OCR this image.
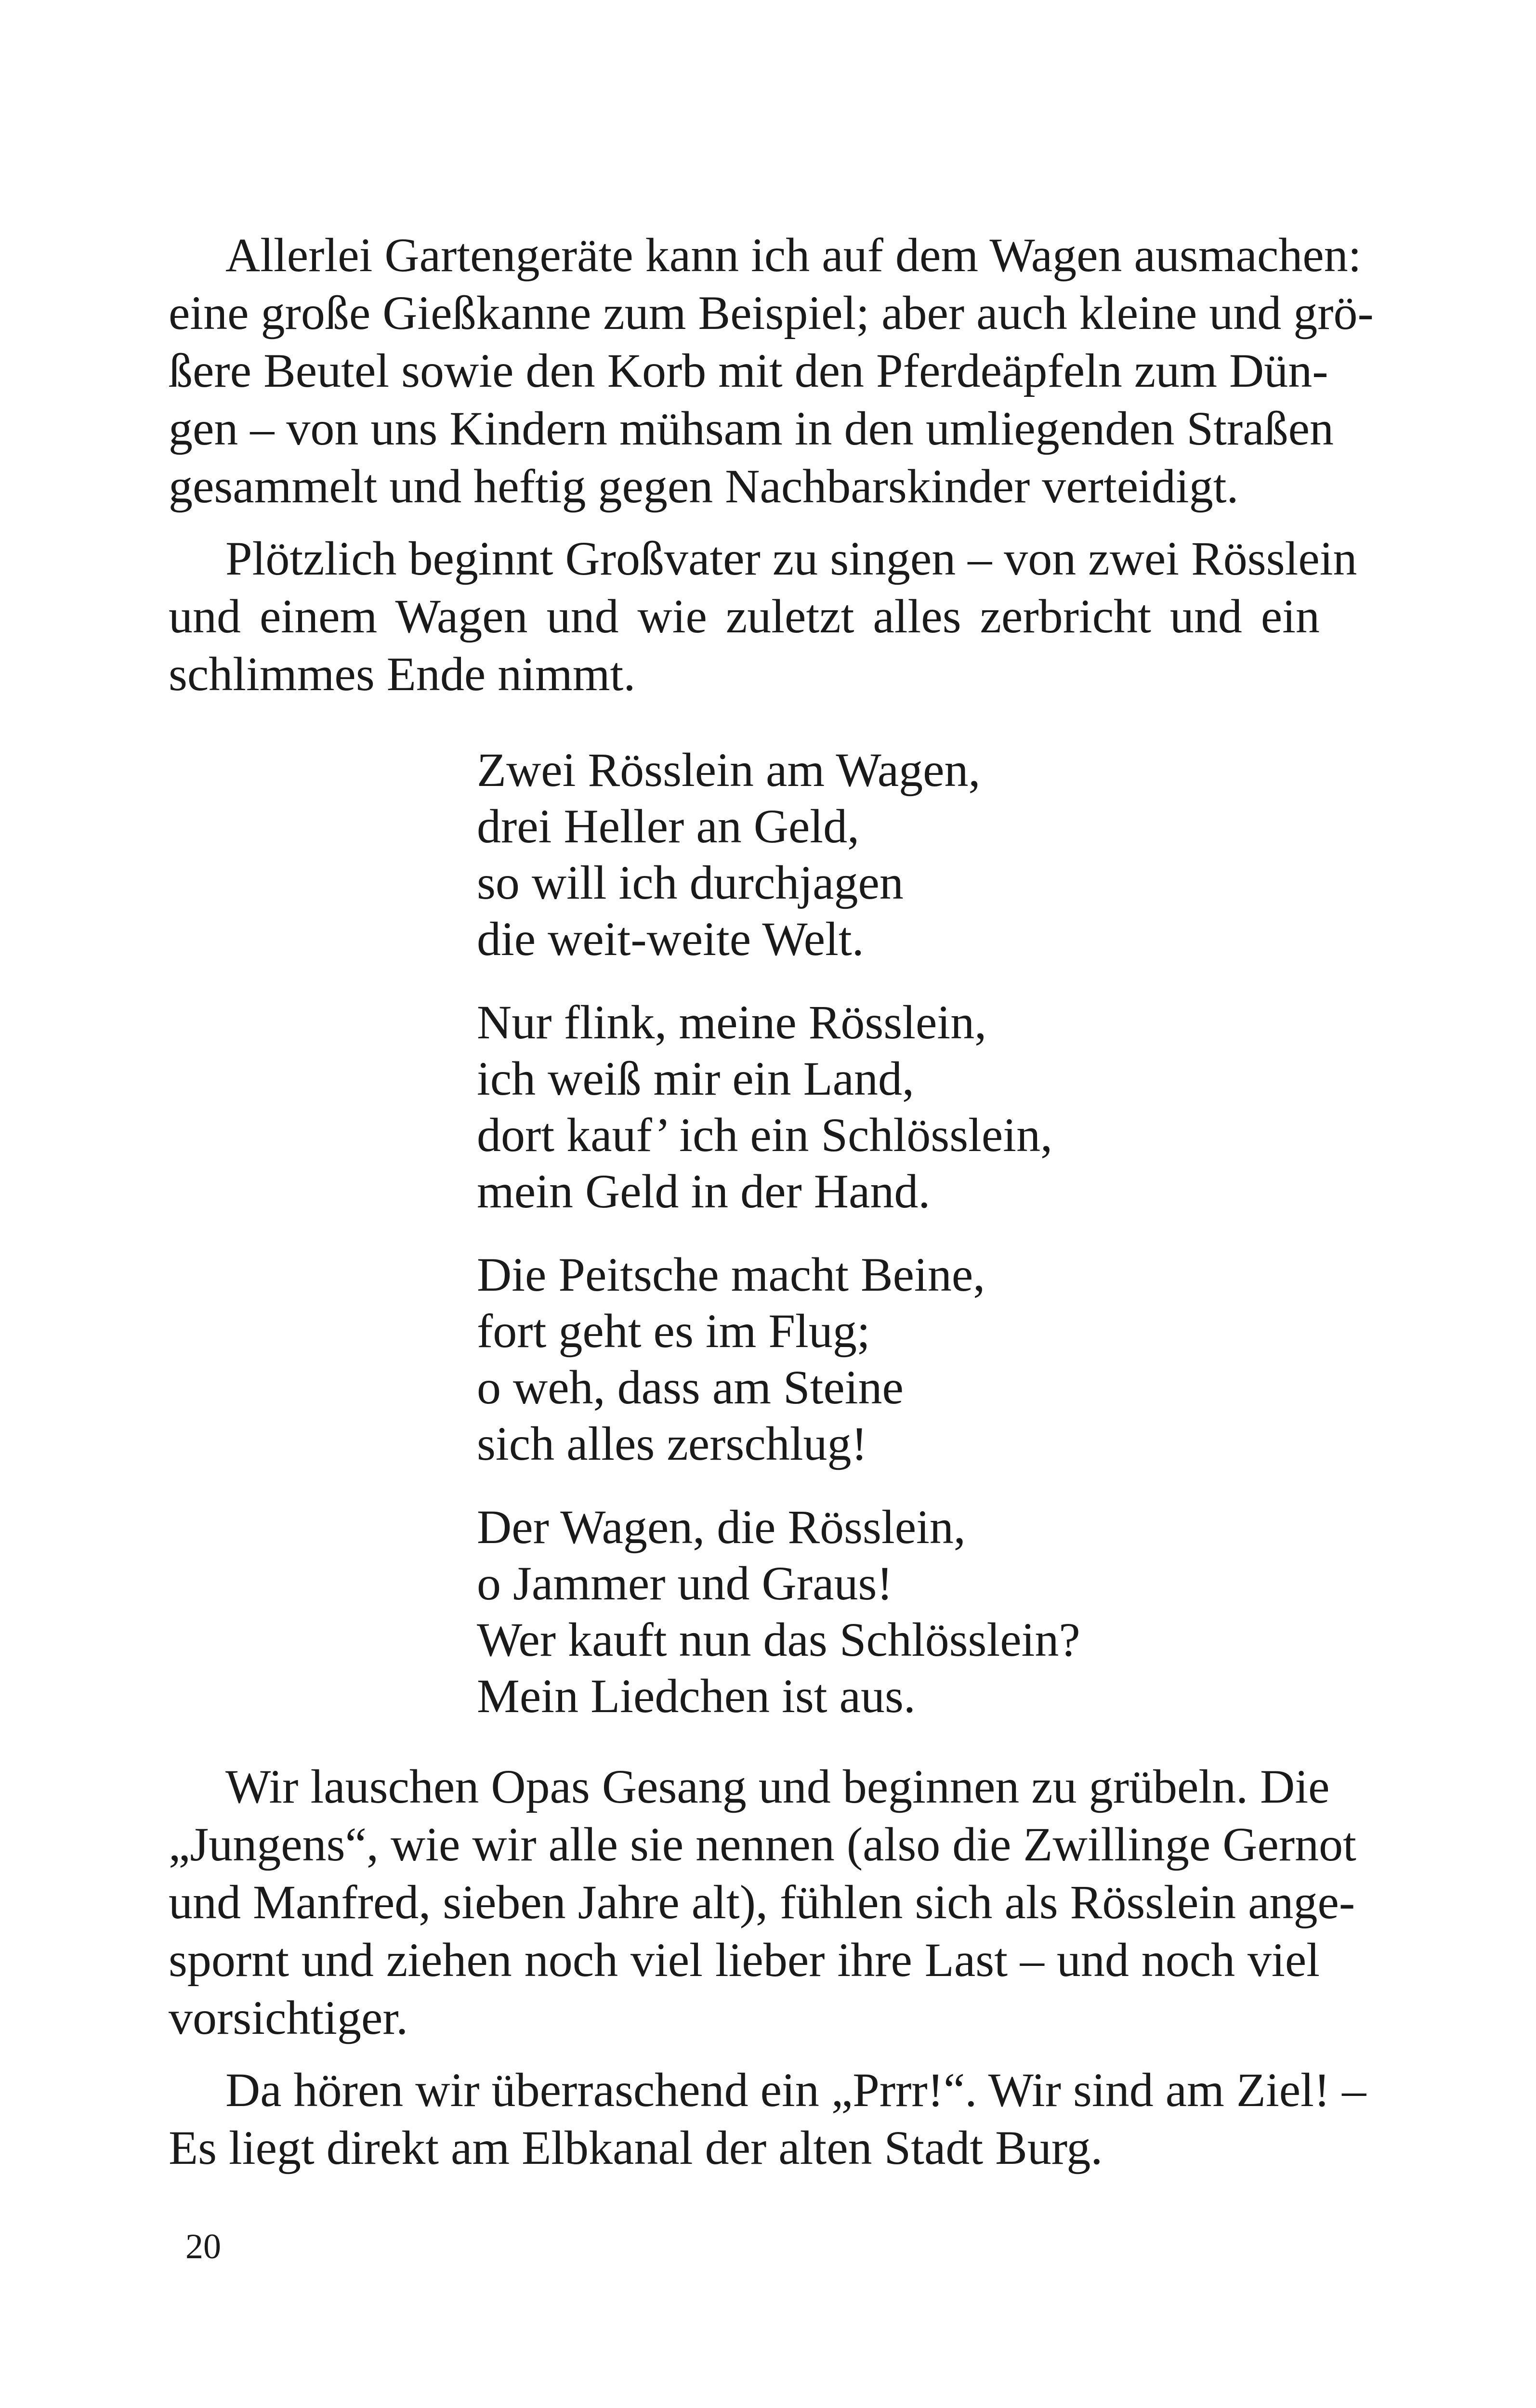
Allerlei Gartengeräte kann ich auf dem Wagen ausmachen:
eine große Gießkanne zum Beispiel; aber auch kleine und grö-
ßere Beutel sowie den Korb mit den Pferdeäpfeln zum Dün-
gen – von uns Kindern mühsam in den umliegenden Straßen
gesammelt und heftig gegen Nachbarskinder verteidigt.
Plötzlich beginnt Großvater zu singen – von zwei Rösslein
und einem Wagen und wie zuletzt alles zerbricht und ein
schlimmes Ende nimmt.
Zwei Rösslein am Wagen,
drei Heller an Geld,
so will ich durchjagen
die weit-weite Welt.
Nur flink, meine Rösslein,
ich weiß mir ein Land,
dort kauf’ ich ein Schlösslein,
mein Geld in der Hand.
Die Peitsche macht Beine,
fort geht es im Flug;
o weh, dass am Steine
sich alles zerschlug!
Der Wagen, die Rösslein,
o Jammer und Graus!
Wer kauft nun das Schlösslein?
Mein Liedchen ist aus.
Wir lauschen Opas Gesang und beginnen zu grübeln. Die
„Jungens“, wie wir alle sie nennen (also die Zwillinge Gernot
und Manfred, sieben Jahre alt), fühlen sich als Rösslein ange-
spornt und ziehen noch viel lieber ihre Last – und noch viel
vorsichtiger.
Da hören wir überraschend ein „Prrr!“. Wir sind am Ziel! –
Es liegt direkt am Elbkanal der alten Stadt Burg.
20
